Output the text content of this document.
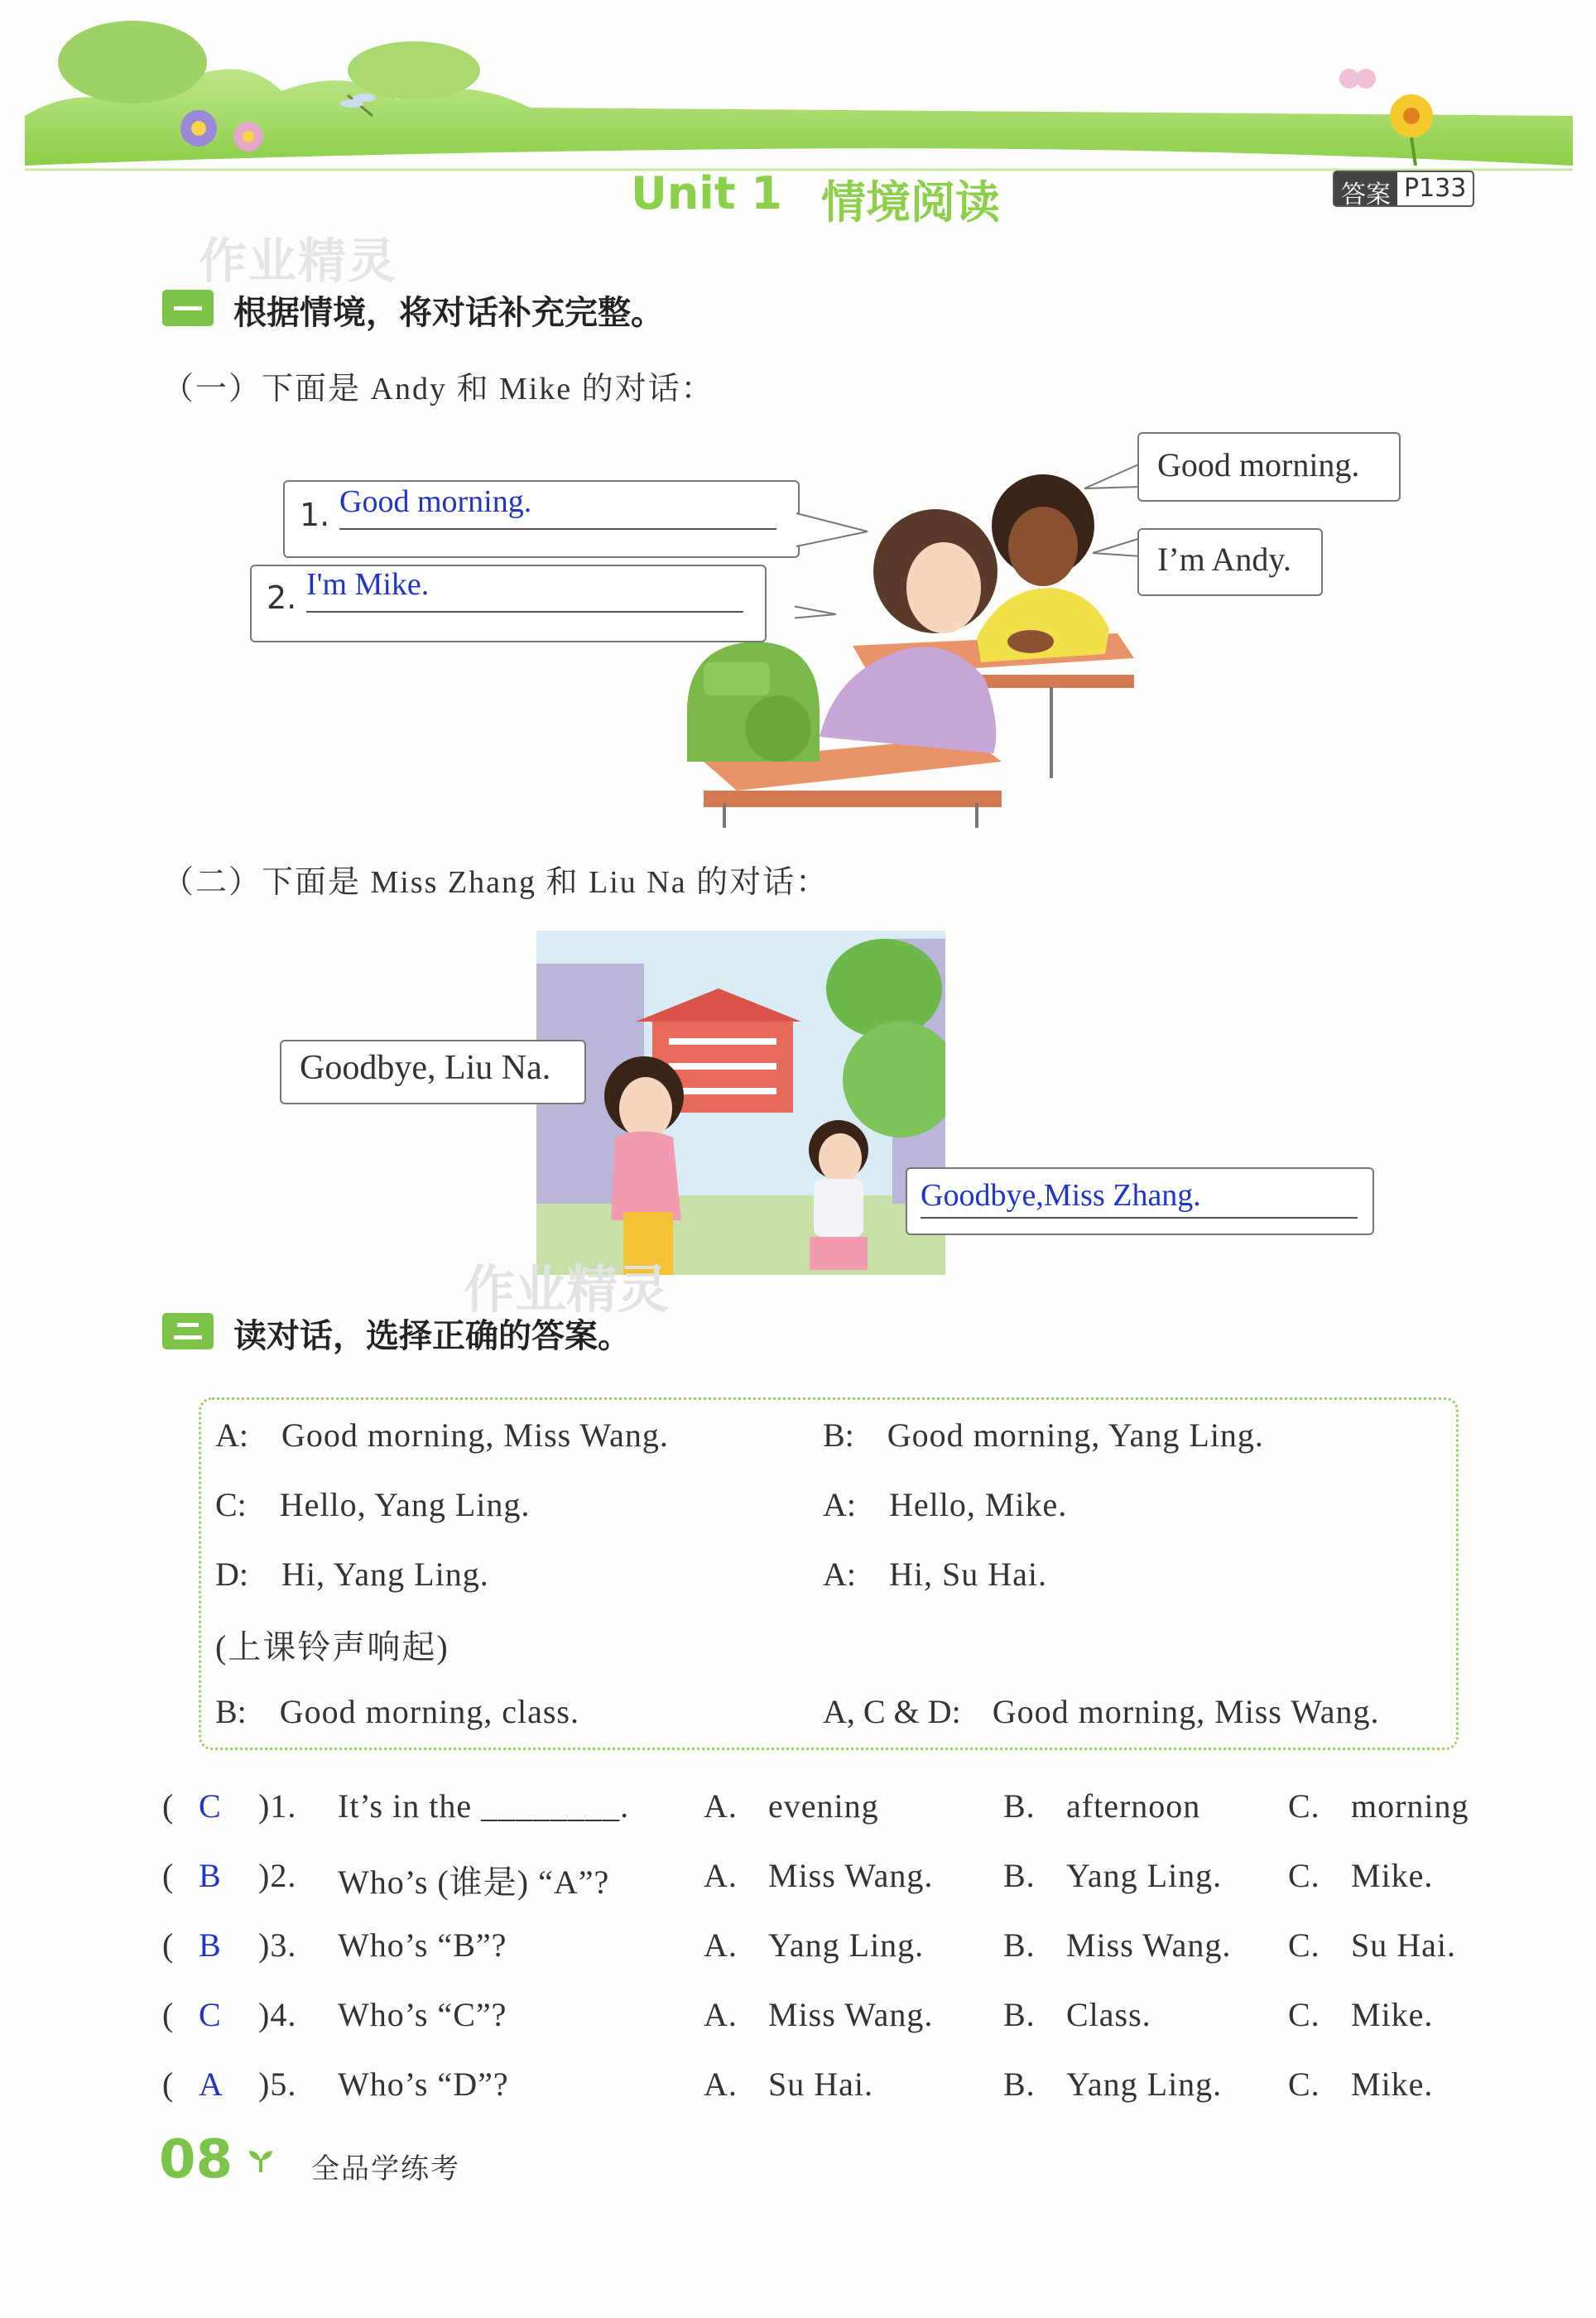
Unit 1 情境阅读	答案 P133
作业精灵
根据情境，将对话补充完整。
（一）下面是 Andy 和 Mike 的对话：
1. Good morning.
2. I'm Mike.
Good morning.
I’m Andy.
（二）下面是 Miss Zhang 和 Liu Na 的对话：
Goodbye, Liu Na.
Goodbye,Miss Zhang.
作业精灵
读对话，选择正确的答案。
A: Good morning, Miss Wang.	B: Good morning, Yang Ling.
C: Hello, Yang Ling.	A: Hello, Mike.
D: Hi, Yang Ling.	A: Hi, Su Hai.
(上课铃声响起)
B: Good morning, class.	A, C & D: Good morning, Miss Wang.
( C )1. It’s in the ________. A. evening	B. afternoon	C. morning
( B )2. Who’s (谁是) “A”?	A. Miss Wang. B. Yang Ling. C. Mike.
( B )3. Who’s “B”?	A. Yang Ling. B. Miss Wang. C. Su Hai.
( C )4. Who’s “C”?	A. Miss Wang. B. Class.	C. Mike.
( A )5. Who’s “D”?	A. Su Hai.	B. Yang Ling. C. Mike.
08	全品学练考
